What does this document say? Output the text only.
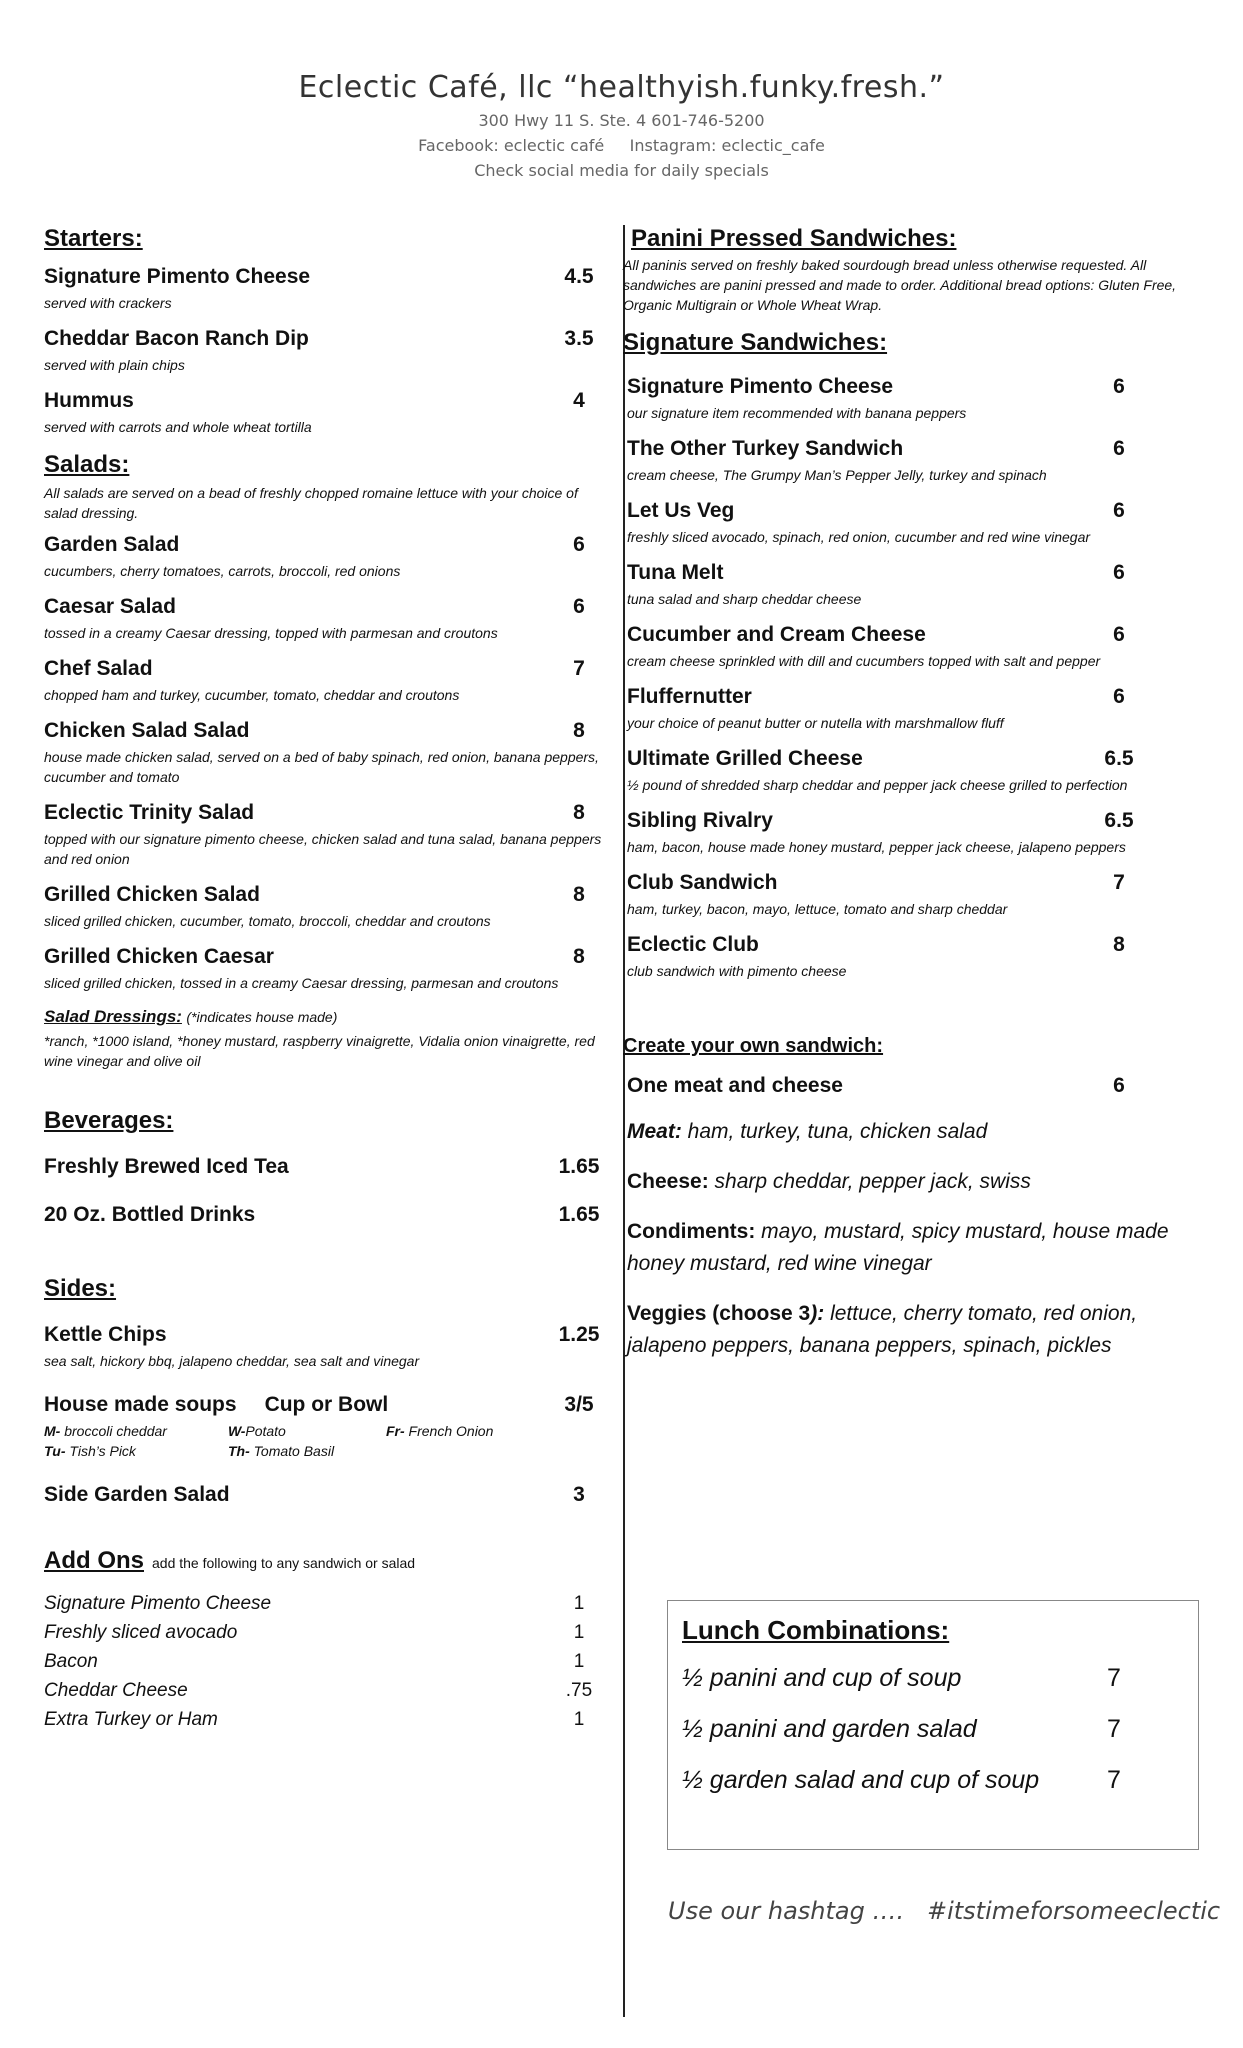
Eclectic Café, llc “healthyish.funky.fresh.”
300 Hwy 11 S. Ste. 4 601-746-5200
Facebook: eclectic café     Instagram: eclectic_cafe
Check social media for daily specials
Starters:
Signature Pimento Cheese	4.5
served with crackers
Cheddar Bacon Ranch Dip	3.5
served with plain chips
Hummus	4
served with carrots and whole wheat tortilla
Salads:
All salads are served on a bead of freshly chopped romaine lettuce with your choice of salad dressing.
Garden Salad	6
cucumbers, cherry tomatoes, carrots, broccoli, red onions
Caesar Salad	6
tossed in a creamy Caesar dressing, topped with parmesan and croutons
Chef Salad	7
chopped ham and turkey, cucumber, tomato, cheddar and croutons
Chicken Salad Salad	8
house made chicken salad, served on a bed of baby spinach, red onion, banana peppers, cucumber and tomato
Eclectic Trinity Salad	8
topped with our signature pimento cheese, chicken salad and tuna salad, banana peppers and red onion
Grilled Chicken Salad	8
sliced grilled chicken, cucumber, tomato, broccoli, cheddar and croutons
Grilled Chicken Caesar	8
sliced grilled chicken, tossed in a creamy Caesar dressing, parmesan and croutons
Salad Dressings: (*indicates house made)
*ranch, *1000 island, *honey mustard, raspberry vinaigrette, Vidalia onion vinaigrette, red wine vinegar and olive oil
Beverages:
Freshly Brewed Iced Tea	1.65
20 Oz. Bottled Drinks	1.65
Sides:
Kettle Chips	1.25
sea salt, hickory bbq, jalapeno cheddar, sea salt and vinegar
House made soups Cup or Bowl	3/5
M- broccoli cheddar	W-Potato	Fr- French Onion
Tu- Tish’s Pick	Th- Tomato Basil
Side Garden Salad	3
Add Ons add the following to any sandwich or salad
Signature Pimento Cheese	1
Freshly sliced avocado	1
Bacon	1
Cheddar Cheese	.75
Extra Turkey or Ham	1
Panini Pressed Sandwiches:
All paninis served on freshly baked sourdough bread unless otherwise requested. All sandwiches are panini pressed and made to order. Additional bread options: Gluten Free, Organic Multigrain or Whole Wheat Wrap.
Signature Sandwiches:
Signature Pimento Cheese	6
our signature item recommended with banana peppers
The Other Turkey Sandwich	6
cream cheese, The Grumpy Man’s Pepper Jelly, turkey and spinach
Let Us Veg	6
freshly sliced avocado, spinach, red onion, cucumber and red wine vinegar
Tuna Melt	6
tuna salad and sharp cheddar cheese
Cucumber and Cream Cheese	6
cream cheese sprinkled with dill and cucumbers topped with salt and pepper
Fluffernutter	6
your choice of peanut butter or nutella with marshmallow fluff
Ultimate Grilled Cheese	6.5
½ pound of shredded sharp cheddar and pepper jack cheese grilled to perfection
Sibling Rivalry	6.5
ham, bacon, house made honey mustard, pepper jack cheese, jalapeno peppers
Club Sandwich	7
ham, turkey, bacon, mayo, lettuce, tomato and sharp cheddar
Eclectic Club	8
club sandwich with pimento cheese
Create your own sandwich:
One meat and cheese	6
Meat: ham, turkey, tuna, chicken salad
Cheese: sharp cheddar, pepper jack, swiss
Condiments: mayo, mustard, spicy mustard, house made honey mustard, red wine vinegar
Veggies (choose 3): lettuce, cherry tomato, red onion, jalapeno peppers, banana peppers, spinach, pickles
Lunch Combinations:
½ panini and cup of soup	7
½ panini and garden salad	7
½ garden salad and cup of soup	7
Use our hashtag ….   #itstimeforsomeeclectic
